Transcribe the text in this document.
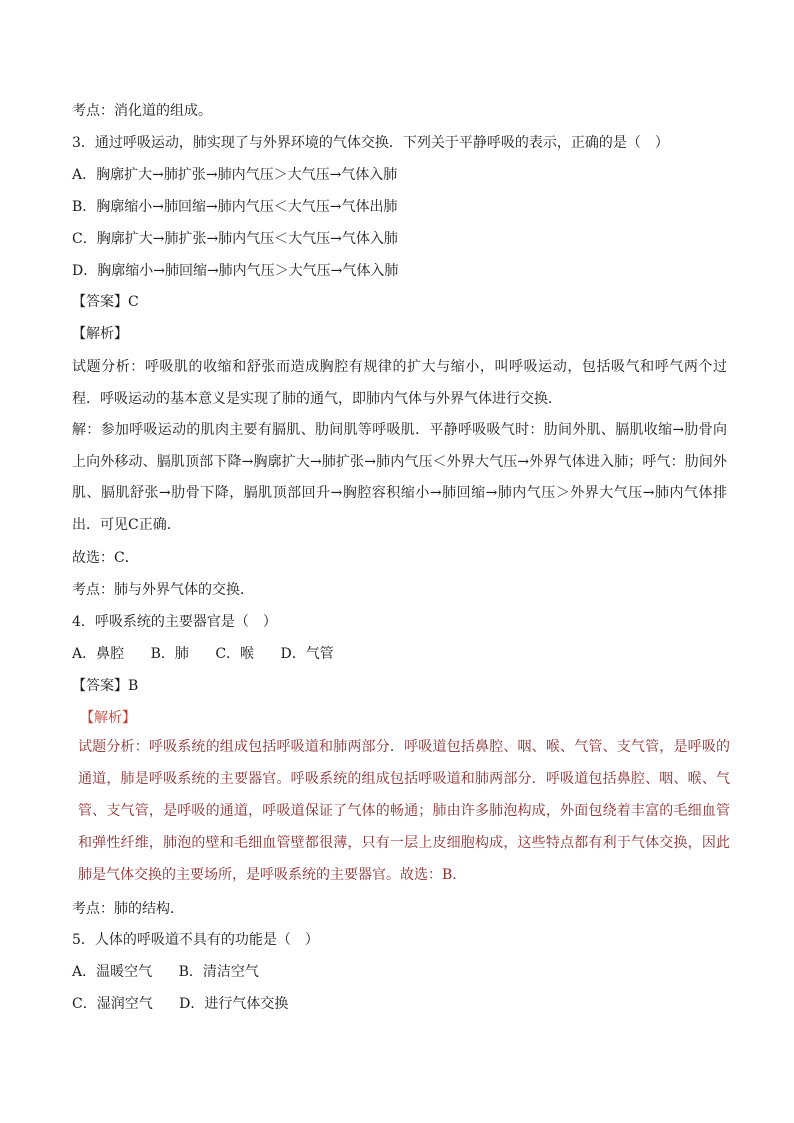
考点：消化道的组成。
3．通过呼吸运动，肺实现了与外界环境的气体交换．下列关于平静呼吸的表示，正确的是（　）
A．胸廓扩大→肺扩张→肺内气压＞大气压→气体入肺
B．胸廓缩小→肺回缩→肺内气压＜大气压→气体出肺
C．胸廓扩大→肺扩张→肺内气压＜大气压→气体入肺
D．胸廓缩小→肺回缩→肺内气压＞大气压→气体入肺
【答案】C
【解析】
试题分析：呼吸肌的收缩和舒张而造成胸腔有规律的扩大与缩小，叫呼吸运动，包括吸气和呼气两个过程．呼吸运动的基本意义是实现了肺的通气，即肺内气体与外界气体进行交换．
解：参加呼吸运动的肌肉主要有膈肌、肋间肌等呼吸肌．平静呼吸吸气时：肋间外肌、膈肌收缩→肋骨向上向外移动、膈肌顶部下降→胸廓扩大→肺扩张→肺内气压＜外界大气压→外界气体进入肺；呼气：肋间外肌、膈肌舒张→肋骨下降，膈肌顶部回升→胸腔容积缩小→肺回缩→肺内气压＞外界大气压→肺内气体排出．可见C正确．
故选：C．
考点：肺与外界气体的交换．
4．呼吸系统的主要器官是（　）
A．鼻腔 B．肺 C．喉 D．气管
【答案】B
【解析】
试题分析：呼吸系统的组成包括呼吸道和肺两部分．呼吸道包括鼻腔、咽、喉、气管、支气管，是呼吸的通道，肺是呼吸系统的主要器官。呼吸系统的组成包括呼吸道和肺两部分．呼吸道包括鼻腔、咽、喉、气管、支气管，是呼吸的通道，呼吸道保证了气体的畅通；肺由许多肺泡构成，外面包绕着丰富的毛细血管和弹性纤维，肺泡的壁和毛细血管壁都很薄，只有一层上皮细胞构成，这些特点都有利于气体交换，因此肺是气体交换的主要场所，是呼吸系统的主要器官。故选：B．
考点：肺的结构．
5．人体的呼吸道不具有的功能是（　）
A．温暖空气 B．清洁空气
C．湿润空气 D．进行气体交换
